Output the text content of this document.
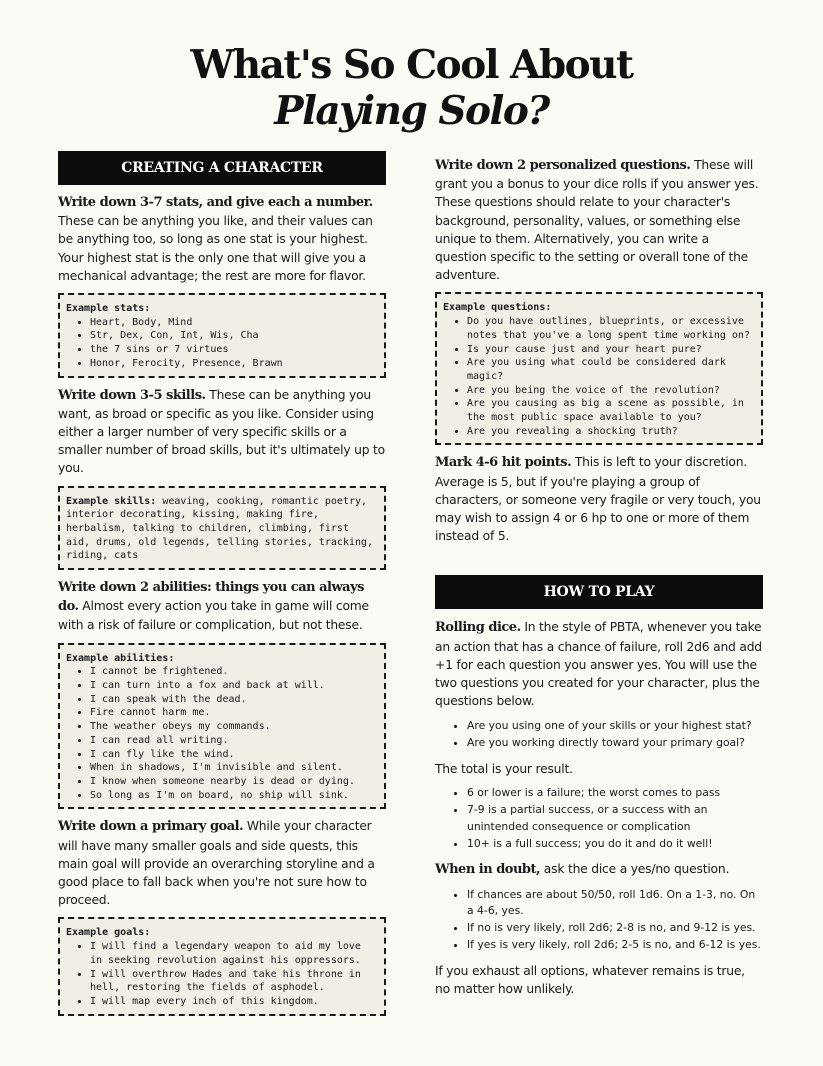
What's So Cool About
Playing Solo?
CREATING A CHARACTER

Write down 3-7 stats, and give each a number. These can be anything you like, and their values can be anything too, so long as one stat is your highest. Your highest stat is the only one that will give you a mechanical advantage; the rest are more for flavor.

Example stats:
• Heart, Body, Mind
• Str, Dex, Con, Int, Wis, Cha
• the 7 sins or 7 virtues
• Honor, Ferocity, Presence, Brawn

Write down 3-5 skills. These can be anything you want, as broad or specific as you like. Consider using either a larger number of very specific skills or a smaller number of broad skills, but it's ultimately up to you.

Example skills: weaving, cooking, romantic poetry, interior decorating, kissing, making fire, herbalism, talking to children, climbing, first aid, drums, old legends, telling stories, tracking, riding, cats

Write down 2 abilities: things you can always do. Almost every action you take in game will come with a risk of failure or complication, but not these.

Example abilities:
• I cannot be frightened.
• I can turn into a fox and back at will.
• I can speak with the dead.
• Fire cannot harm me.
• The weather obeys my commands.
• I can read all writing.
• I can fly like the wind.
• When in shadows, I'm invisible and silent.
• I know when someone nearby is dead or dying.
• So long as I'm on board, no ship will sink.

Write down a primary goal. While your character will have many smaller goals and side quests, this main goal will provide an overarching storyline and a good place to fall back when you're not sure how to proceed.

Example goals:
• I will find a legendary weapon to aid my love in seeking revolution against his oppressors.
• I will overthrow Hades and take his throne in hell, restoring the fields of asphodel.
• I will map every inch of this kingdom.

Write down 2 personalized questions. These will grant you a bonus to your dice rolls if you answer yes. These questions should relate to your character's background, personality, values, or something else unique to them. Alternatively, you can write a question specific to the setting or overall tone of the adventure.

Example questions:
• Do you have outlines, blueprints, or excessive notes that you've a long spent time working on?
• Is your cause just and your heart pure?
• Are you using what could be considered dark magic?
• Are you being the voice of the revolution?
• Are you causing as big a scene as possible, in the most public space available to you?
• Are you revealing a shocking truth?

Mark 4-6 hit points. This is left to your discretion. Average is 5, but if you're playing a group of characters, or someone very fragile or very touch, you may wish to assign 4 or 6 hp to one or more of them instead of 5.

HOW TO PLAY

Rolling dice. In the style of PBTA, whenever you take an action that has a chance of failure, roll 2d6 and add +1 for each question you answer yes. You will use the two questions you created for your character, plus the questions below.

• Are you using one of your skills or your highest stat?
• Are you working directly toward your primary goal?

The total is your result.

• 6 or lower is a failure; the worst comes to pass
• 7-9 is a partial success, or a success with an unintended consequence or complication
• 10+ is a full success; you do it and do it well!

When in doubt, ask the dice a yes/no question.

• If chances are about 50/50, roll 1d6. On a 1-3, no. On a 4-6, yes.
• If no is very likely, roll 2d6; 2-8 is no, and 9-12 is yes.
• If yes is very likely, roll 2d6; 2-5 is no, and 6-12 is yes.

If you exhaust all options, whatever remains is true, no matter how unlikely.
